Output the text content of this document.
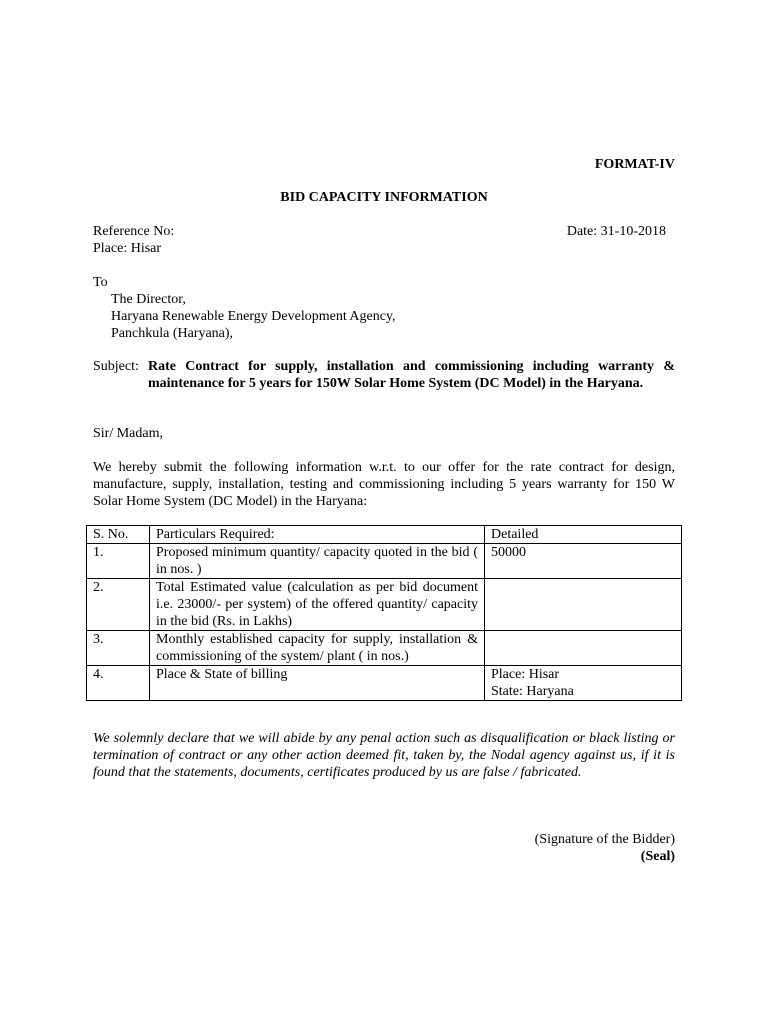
FORMAT-IV
BID CAPACITY INFORMATION
Reference No:	Date: 31-10-2018
Place: Hisar
To
The Director,
Haryana Renewable Energy Development Agency,
Panchkula (Haryana),
Subject: Rate Contract for supply, installation and commissioning including warranty & maintenance for 5 years for 150W Solar Home System (DC Model) in the Haryana.
Sir/ Madam,
We hereby submit the following information w.r.t. to our offer for the rate contract for design, manufacture, supply, installation, testing and commissioning including 5 years warranty for 150 W Solar Home System (DC Model) in the Haryana:
S. No.	Particulars Required:	Detailed
1.	Proposed minimum quantity/ capacity quoted in the bid ( in nos. )	50000
2.	Total Estimated value (calculation as per bid document i.e. 23000/- per system) of the offered quantity/ capacity in the bid (Rs. in Lakhs)	
3.	Monthly established capacity for supply, installation & commissioning of the system/ plant ( in nos.)	
4.	Place & State of billing	Place: Hisar
State: Haryana
We solemnly declare that we will abide by any penal action such as disqualification or black listing or termination of contract or any other action deemed fit, taken by, the Nodal agency against us, if it is found that the statements, documents, certificates produced by us are false / fabricated.
(Signature of the Bidder)
(Seal)
